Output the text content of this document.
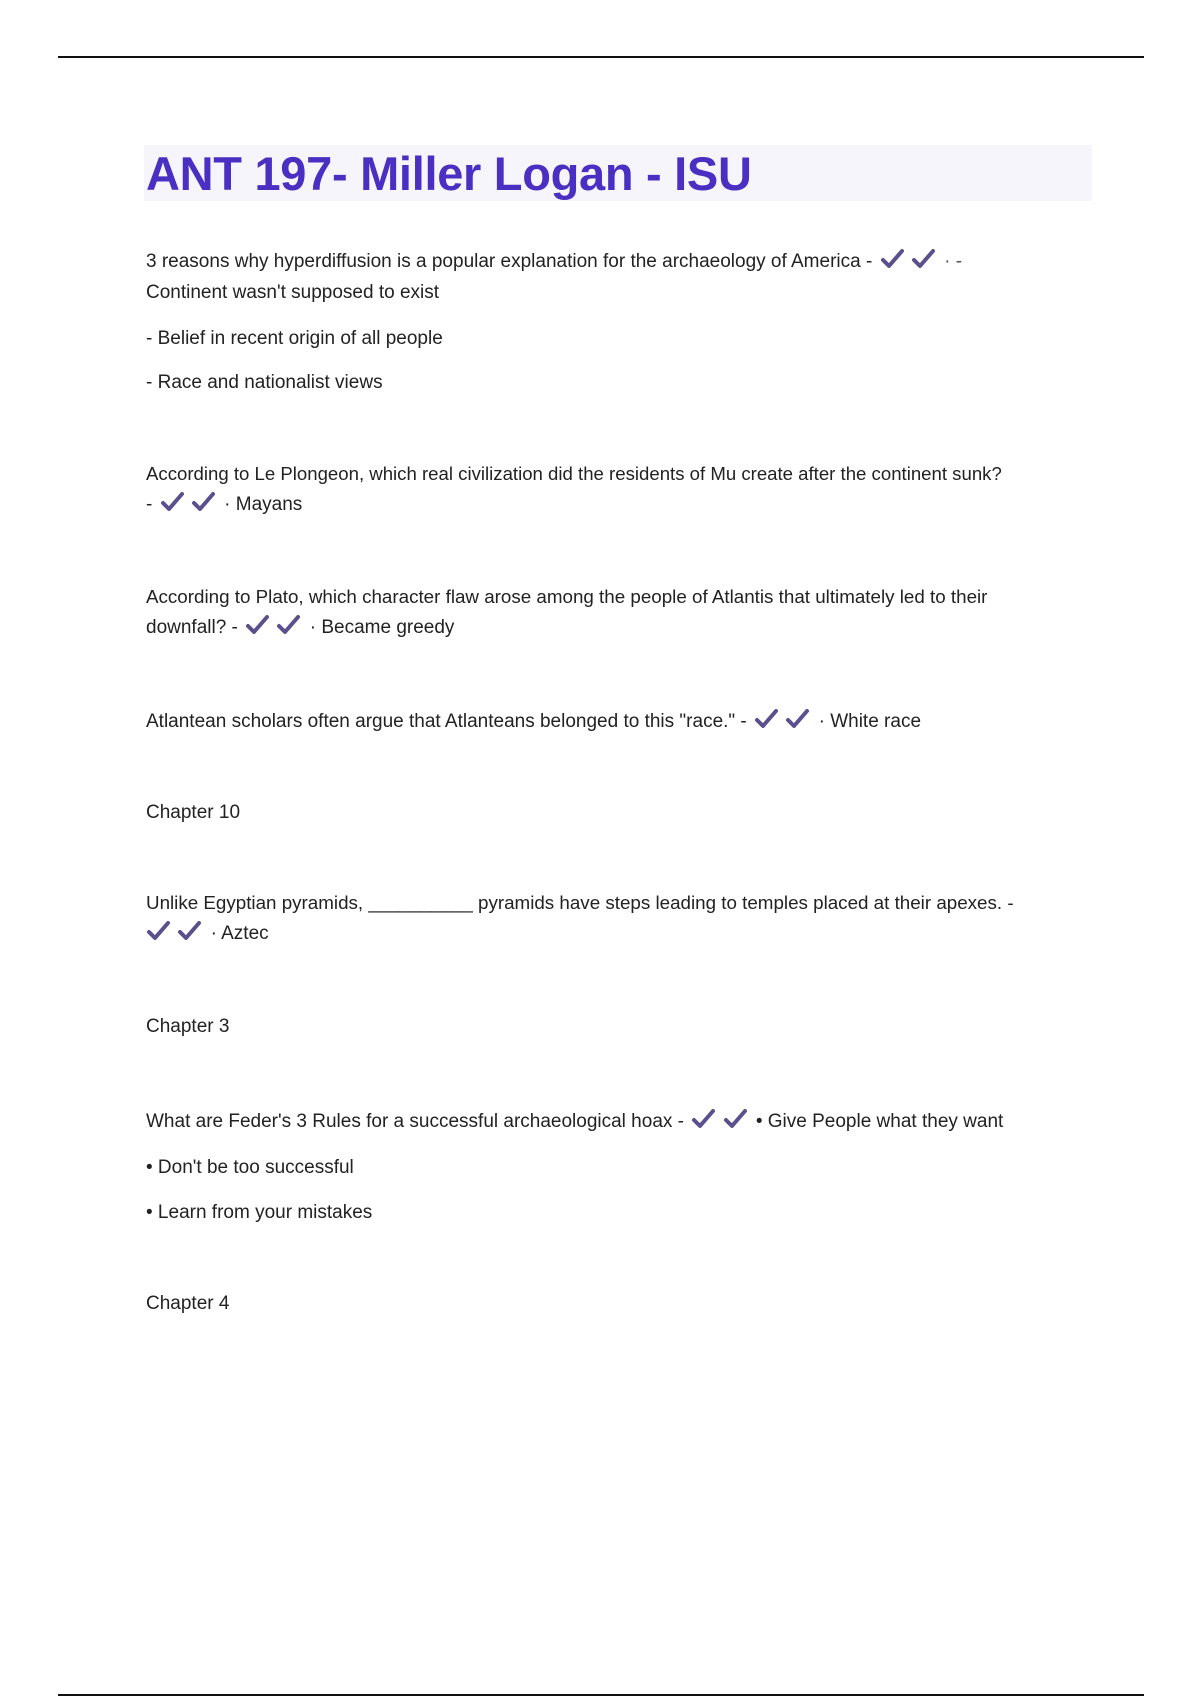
ANT 197- Miller Logan - ISU

3 reasons why hyperdiffusion is a popular explanation for the archaeology of America -
	· -

Continent wasn't supposed to exist

- Belief in recent origin of all people

- Race and nationalist views

According to Le Plongeon, which real civilization did the residents of Mu create after the continent sunk?

-
	· Mayans

According to Plato, which character flaw arose among the people of Atlantis that ultimately led to their

downfall? -
	· Became greedy

Atlantean scholars often argue that Atlanteans belonged to this "race." -
	· White race

Chapter 10

Unlike Egyptian pyramids, __________ pyramids have steps leading to temples placed at their apexes. -

· Aztec

Chapter 3

What are Feder's 3 Rules for a successful archaeological hoax -
	• Give People what they want

• Don't be too successful

• Learn from your mistakes

Chapter 4
